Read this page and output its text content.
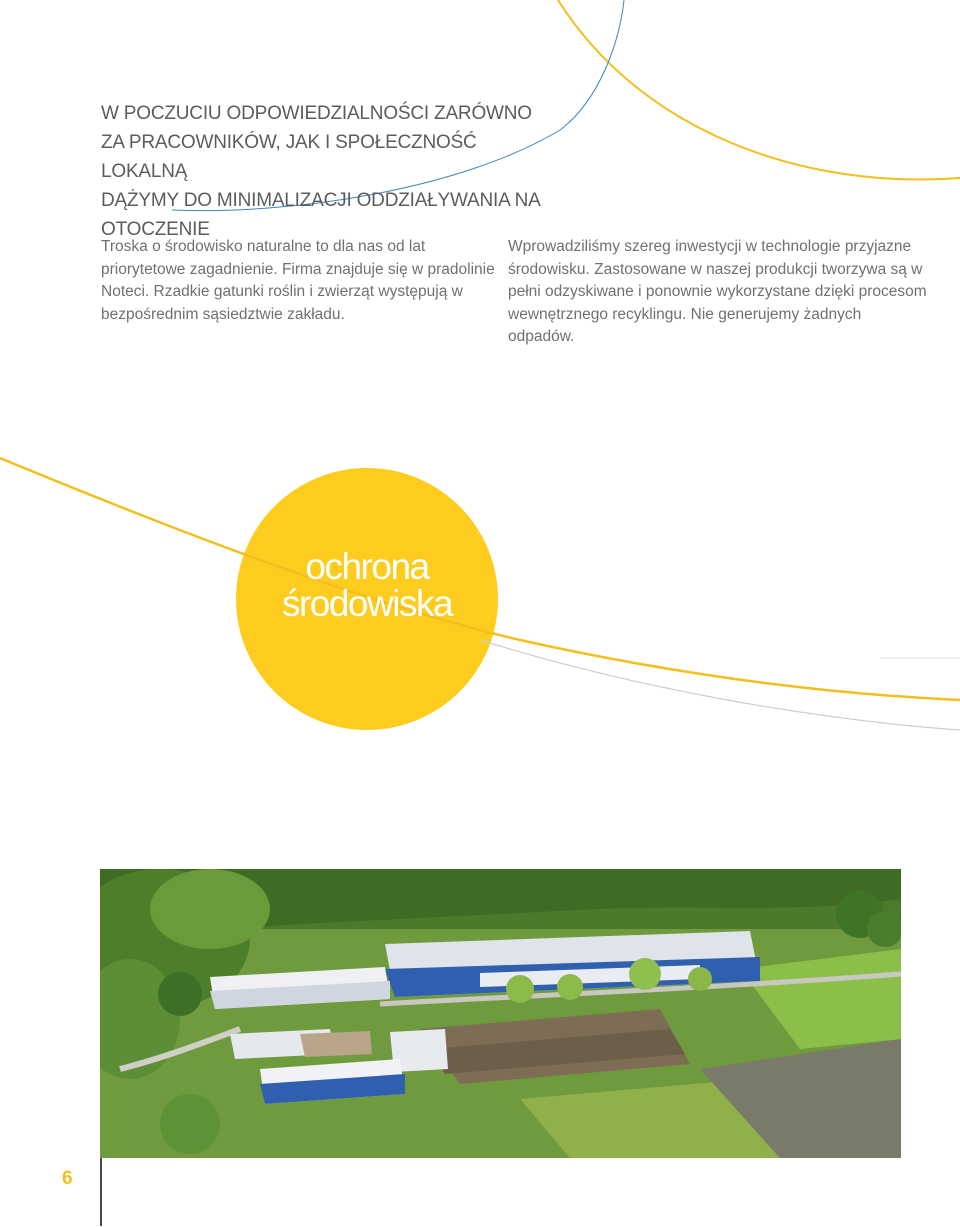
W POCZUCIU ODPOWIEDZIALNOŚCI ZARÓWNO
ZA PRACOWNIKÓW, JAK I SPOŁECZNOŚĆ LOKALNĄ
DĄŻYMY DO MINIMALIZACJI ODDZIAŁYWANIA NA
OTOCZENIE

Troska o środowisko naturalne to dla nas od lat priorytetowe zagadnienie. Firma znajduje się w pradolinie Noteci. Rzadkie gatunki roślin i zwierząt występują w bezpośrednim sąsiedztwie zakładu.

Wprowadziliśmy szereg inwestycji w technologie przyjazne środowisku. Zastosowane w naszej produkcji tworzywa są w pełni odzyskiwane i ponownie wykorzystane dzięki procesom wewnętrznego recyklingu. Nie generujemy żadnych odpadów.

ochrona
środowiska
6
